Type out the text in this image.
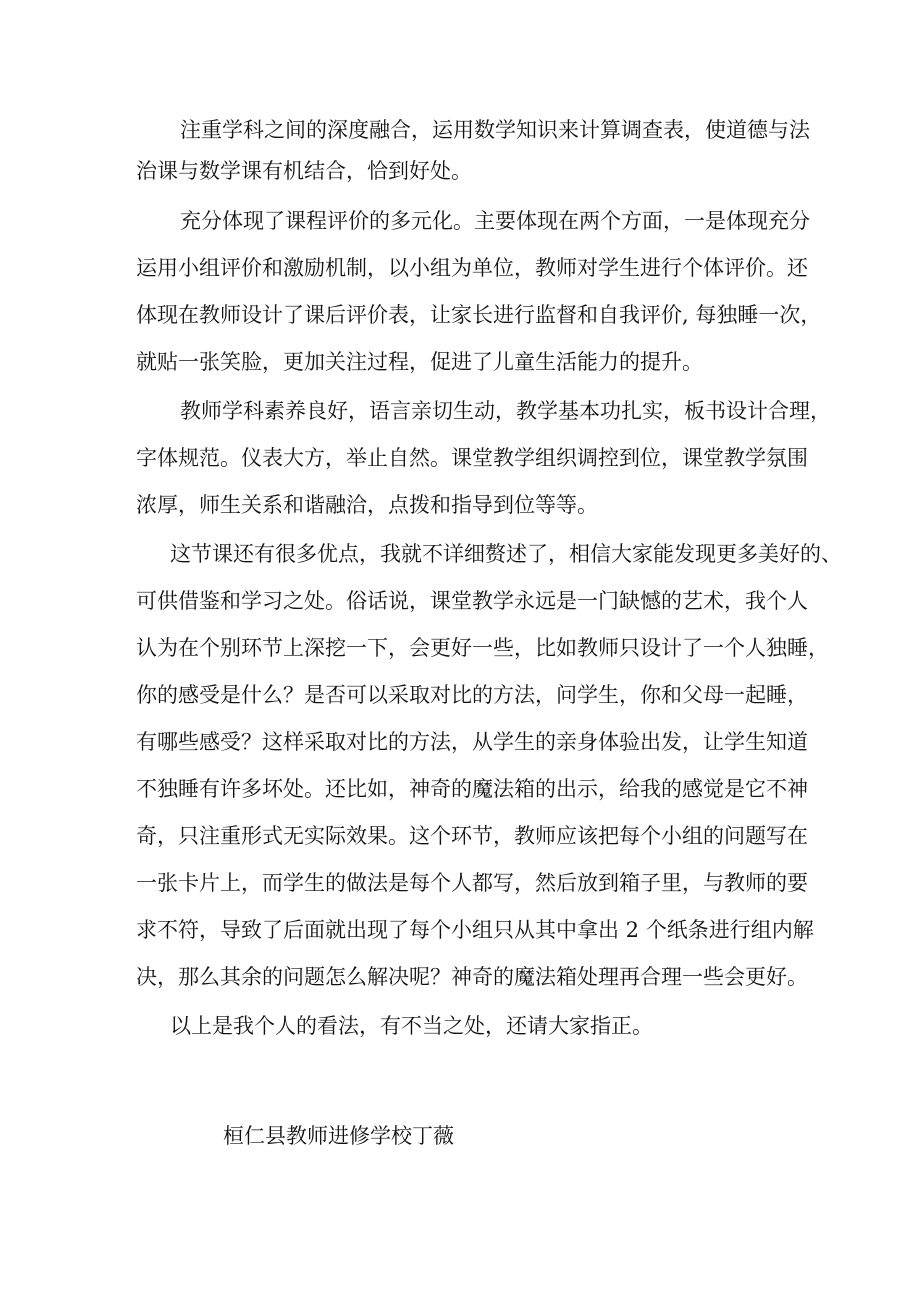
注重学科之间的深度融合，运用数学知识来计算调查表，使道德与法

治课与数学课有机结合，恰到好处。

充分体现了课程评价的多元化。主要体现在两个方面，一是体现充分

运用小组评价和激励机制，以小组为单位，教师对学生进行个体评价。还

体现在教师设计了课后评价表，让家长进行监督和自我评价, 每独睡一次，

就贴一张笑脸，更加关注过程，促进了儿童生活能力的提升。

教师学科素养良好，语言亲切生动，教学基本功扎实，板书设计合理，

字体规范。仪表大方，举止自然。课堂教学组织调控到位，课堂教学氛围

浓厚，师生关系和谐融洽，点拨和指导到位等等。

这节课还有很多优点，我就不详细赘述了，相信大家能发现更多美好的、

可供借鉴和学习之处。俗话说，课堂教学永远是一门缺憾的艺术，我个人

认为在个别环节上深挖一下，会更好一些，比如教师只设计了一个人独睡，

你的感受是什么？是否可以采取对比的方法，问学生，你和父母一起睡，

有哪些感受？这样采取对比的方法，从学生的亲身体验出发，让学生知道

不独睡有许多坏处。还比如，神奇的魔法箱的出示，给我的感觉是它不神

奇，只注重形式无实际效果。这个环节，教师应该把每个小组的问题写在

一张卡片上，而学生的做法是每个人都写，然后放到箱子里，与教师的要

求不符，导致了后面就出现了每个小组只从其中拿出 2 个纸条进行组内解

决，那么其余的问题怎么解决呢？神奇的魔法箱处理再合理一些会更好。

以上是我个人的看法，有不当之处，还请大家指正。

桓仁县教师进修学校丁薇
